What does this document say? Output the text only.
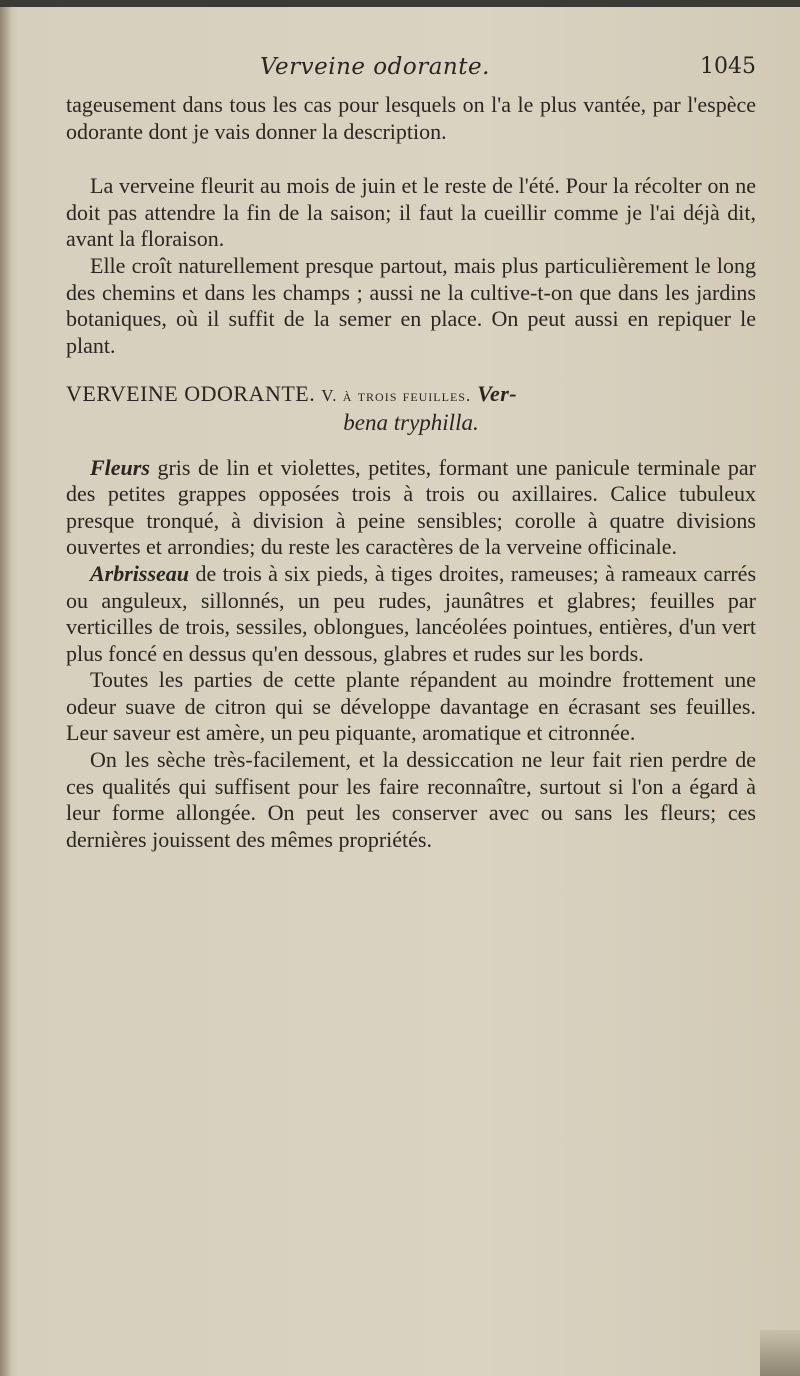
Verveine odorante.	1045

tageusement dans tous les cas pour lesquels on l'a le plus vantée, par l'espèce odorante dont je vais donner la description.

La verveine fleurit au mois de juin et le reste de l'été. Pour la récolter on ne doit pas attendre la fin de la saison; il faut la cueillir comme je l'ai déjà dit, avant la floraison.

Elle croît naturellement presque partout, mais plus particulièrement le long des chemins et dans les champs ; aussi ne la cultive-t-on que dans les jardins botaniques, où il suffit de la semer en place. On peut aussi en repiquer le plant.

VERVEINE ODORANTE. V. à trois feuilles. Ver-

bena tryphilla.

Fleurs gris de lin et violettes, petites, formant une panicule terminale par des petites grappes opposées trois à trois ou axillaires. Calice tubuleux presque tronqué, à division à peine sensibles; corolle à quatre divisions ouvertes et arrondies; du reste les caractères de la verveine officinale.

Arbrisseau de trois à six pieds, à tiges droites, rameuses; à rameaux carrés ou anguleux, sillonnés, un peu rudes, jaunâtres et glabres; feuilles par verticilles de trois, sessiles, oblongues, lancéolées pointues, entières, d'un vert plus foncé en dessus qu'en dessous, glabres et rudes sur les bords.

Toutes les parties de cette plante répandent au moindre frottement une odeur suave de citron qui se développe davantage en écrasant ses feuilles. Leur saveur est amère, un peu piquante, aromatique et citronnée.

On les sèche très-facilement, et la dessiccation ne leur fait rien perdre de ces qualités qui suffisent pour les faire reconnaître, surtout si l'on a égard à leur forme allongée. On peut les conserver avec ou sans les fleurs; ces dernières jouissent des mêmes propriétés.
